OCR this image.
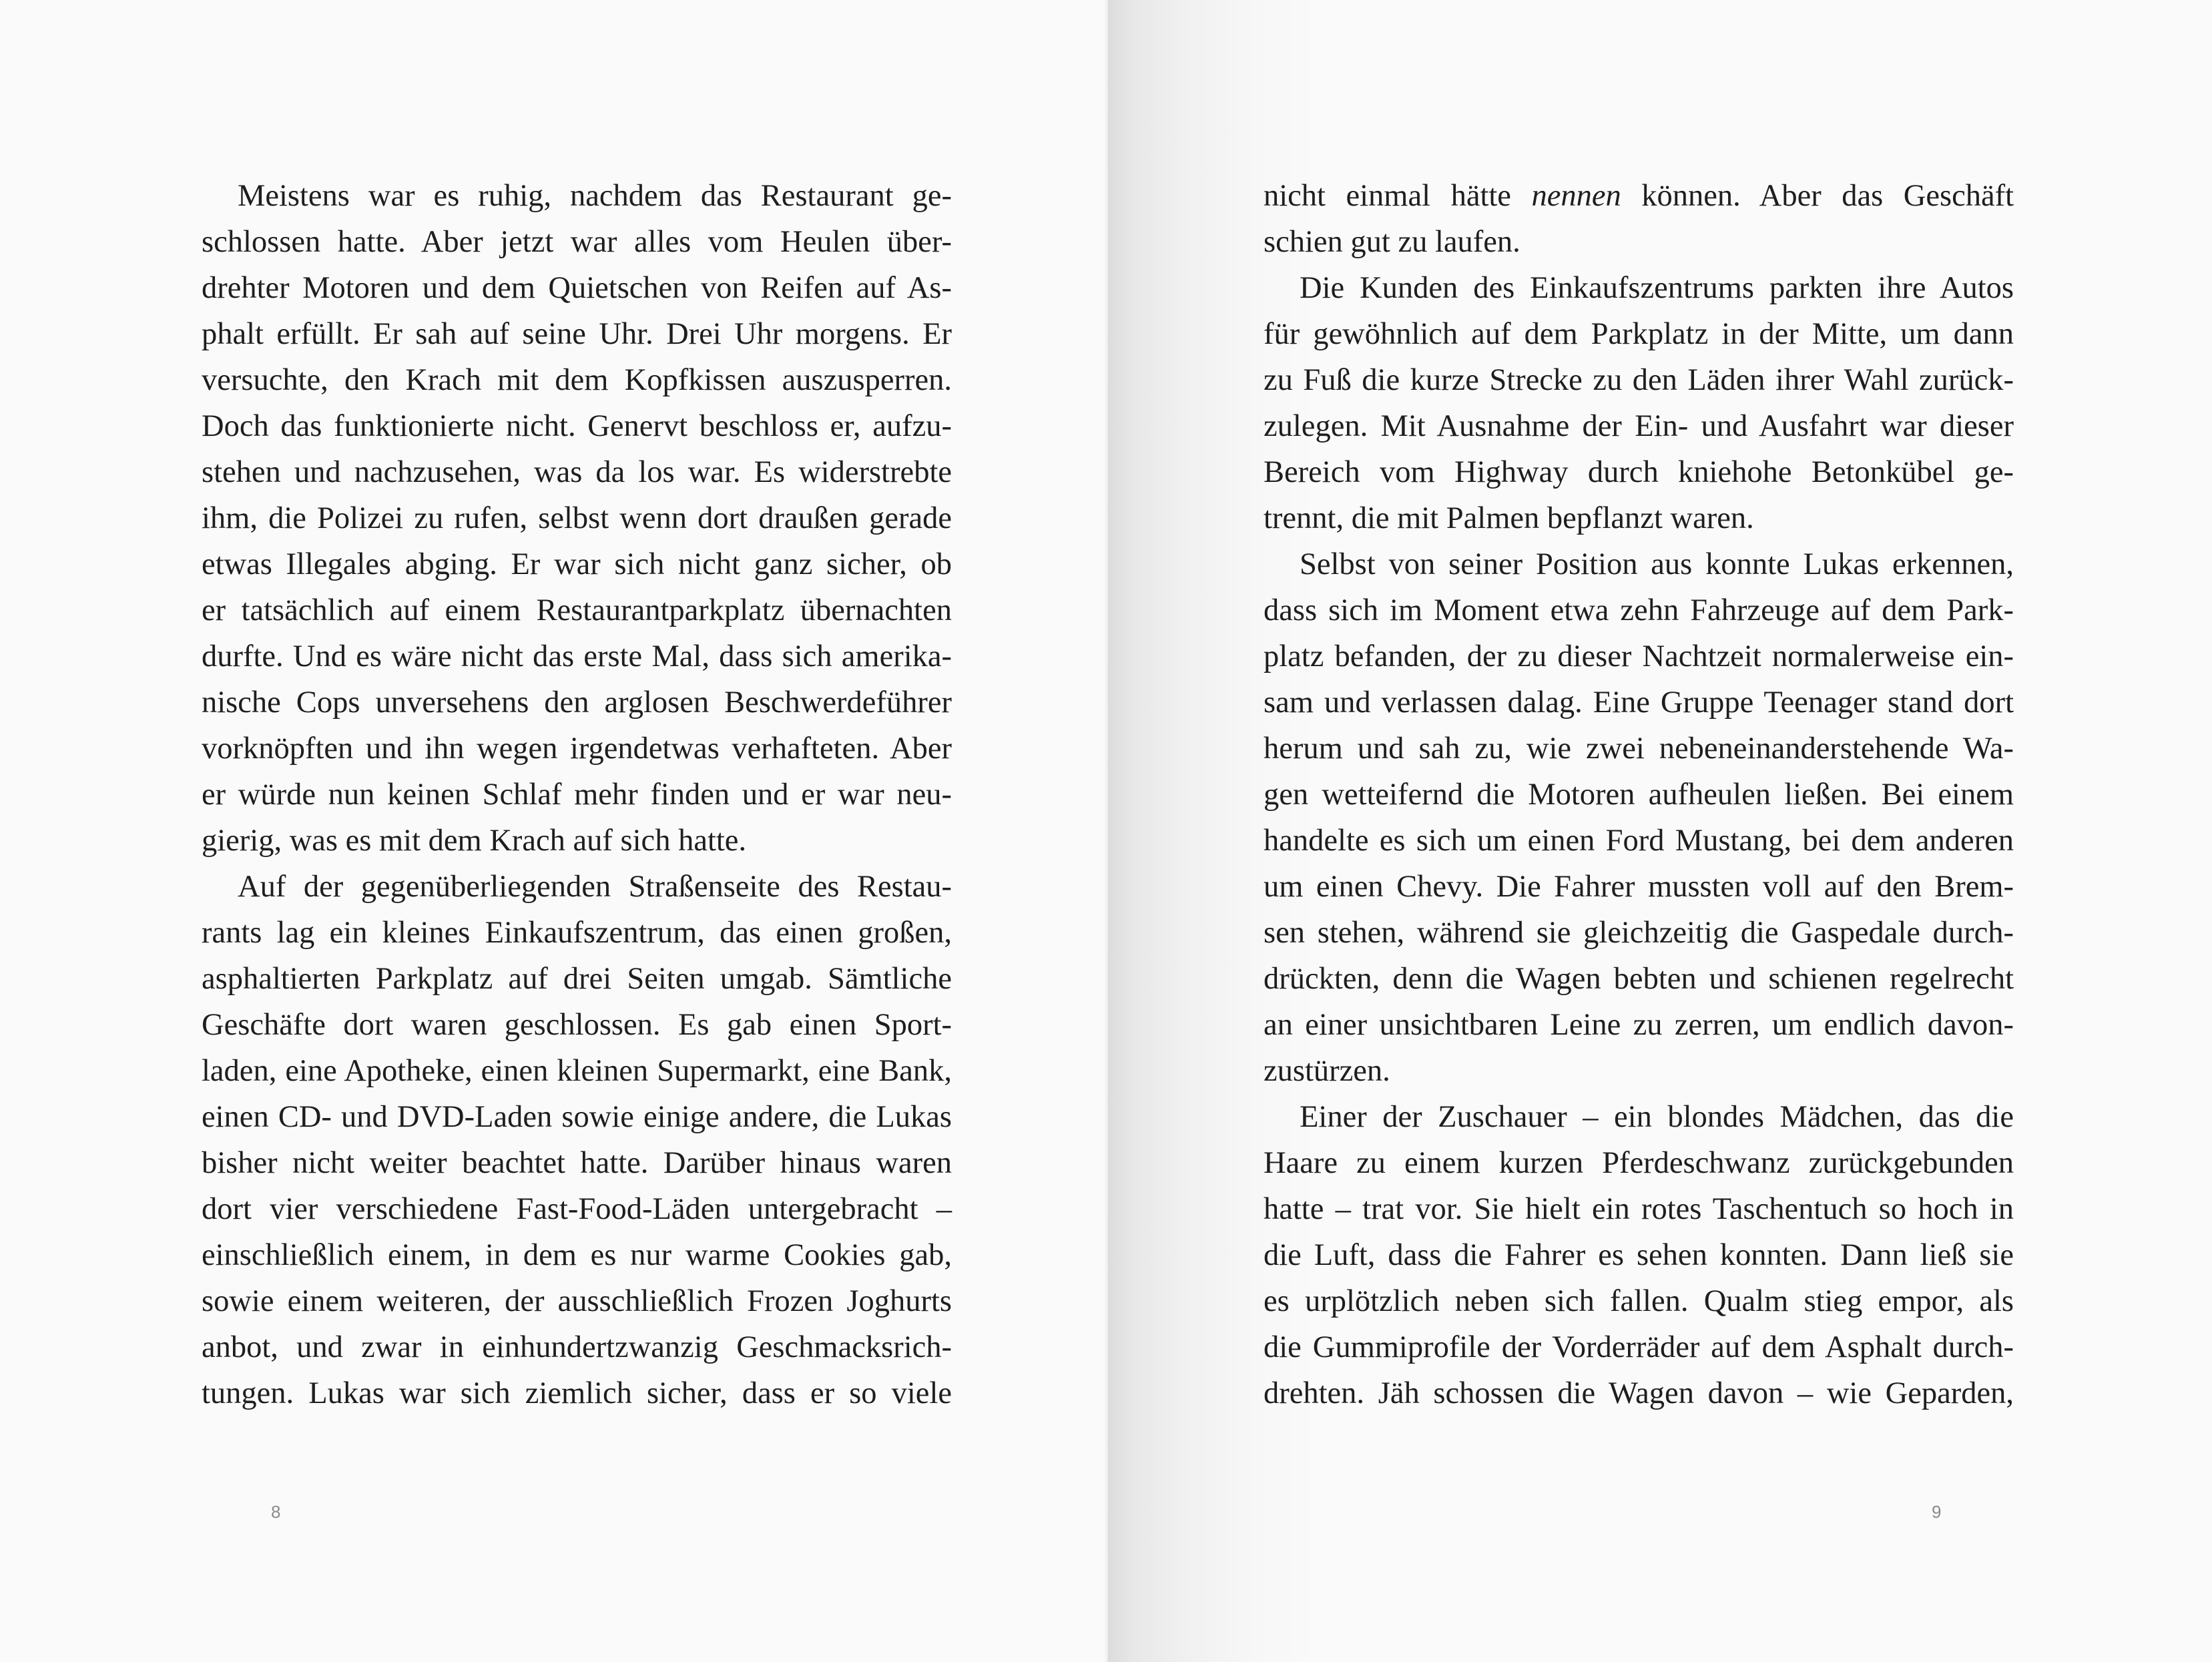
Meistens war es ruhig, nachdem das Restaurant ge-
schlossen hatte. Aber jetzt war alles vom Heulen über-
drehter Motoren und dem Quietschen von Reifen auf As-
phalt erfüllt. Er sah auf seine Uhr. Drei Uhr morgens. Er
versuchte, den Krach mit dem Kopfkissen auszusperren.
Doch das funktionierte nicht. Genervt beschloss er, aufzu-
stehen und nachzusehen, was da los war. Es widerstrebte
ihm, die Polizei zu rufen, selbst wenn dort draußen gerade
etwas Illegales abging. Er war sich nicht ganz sicher, ob
er tatsächlich auf einem Restaurantparkplatz übernachten
durfte. Und es wäre nicht das erste Mal, dass sich amerika-
nische Cops unversehens den arglosen Beschwerdeführer
vorknöpften und ihn wegen irgendetwas verhafteten. Aber
er würde nun keinen Schlaf mehr finden und er war neu-
gierig, was es mit dem Krach auf sich hatte.
Auf der gegenüberliegenden Straßenseite des Restau-
rants lag ein kleines Einkaufszentrum, das einen großen,
asphaltierten Parkplatz auf drei Seiten umgab. Sämtliche
Geschäfte dort waren geschlossen. Es gab einen Sport-
laden, eine Apotheke, einen kleinen Supermarkt, eine Bank,
einen CD- und DVD-Laden sowie einige andere, die Lukas
bisher nicht weiter beachtet hatte. Darüber hinaus waren
dort vier verschiedene Fast-Food-Läden untergebracht –
einschließlich einem, in dem es nur warme Cookies gab,
sowie einem weiteren, der ausschließlich Frozen Joghurts
anbot, und zwar in einhundertzwanzig Geschmacksrich-
tungen. Lukas war sich ziemlich sicher, dass er so viele
8
nicht einmal hätte nennen können. Aber das Geschäft
schien gut zu laufen.
Die Kunden des Einkaufszentrums parkten ihre Autos
für gewöhnlich auf dem Parkplatz in der Mitte, um dann
zu Fuß die kurze Strecke zu den Läden ihrer Wahl zurück-
zulegen. Mit Ausnahme der Ein- und Ausfahrt war dieser
Bereich vom Highway durch kniehohe Betonkübel ge-
trennt, die mit Palmen bepflanzt waren.
Selbst von seiner Position aus konnte Lukas erkennen,
dass sich im Moment etwa zehn Fahrzeuge auf dem Park-
platz befanden, der zu dieser Nachtzeit normalerweise ein-
sam und verlassen dalag. Eine Gruppe Teenager stand dort
herum und sah zu, wie zwei nebeneinanderstehende Wa-
gen wetteifernd die Motoren aufheulen ließen. Bei einem
handelte es sich um einen Ford Mustang, bei dem anderen
um einen Chevy. Die Fahrer mussten voll auf den Brem-
sen stehen, während sie gleichzeitig die Gaspedale durch-
drückten, denn die Wagen bebten und schienen regelrecht
an einer unsichtbaren Leine zu zerren, um endlich davon-
zustürzen.
Einer der Zuschauer – ein blondes Mädchen, das die
Haare zu einem kurzen Pferdeschwanz zurückgebunden
hatte – trat vor. Sie hielt ein rotes Taschentuch so hoch in
die Luft, dass die Fahrer es sehen konnten. Dann ließ sie
es urplötzlich neben sich fallen. Qualm stieg empor, als
die Gummiprofile der Vorderräder auf dem Asphalt durch-
drehten. Jäh schossen die Wagen davon – wie Geparden,
9
